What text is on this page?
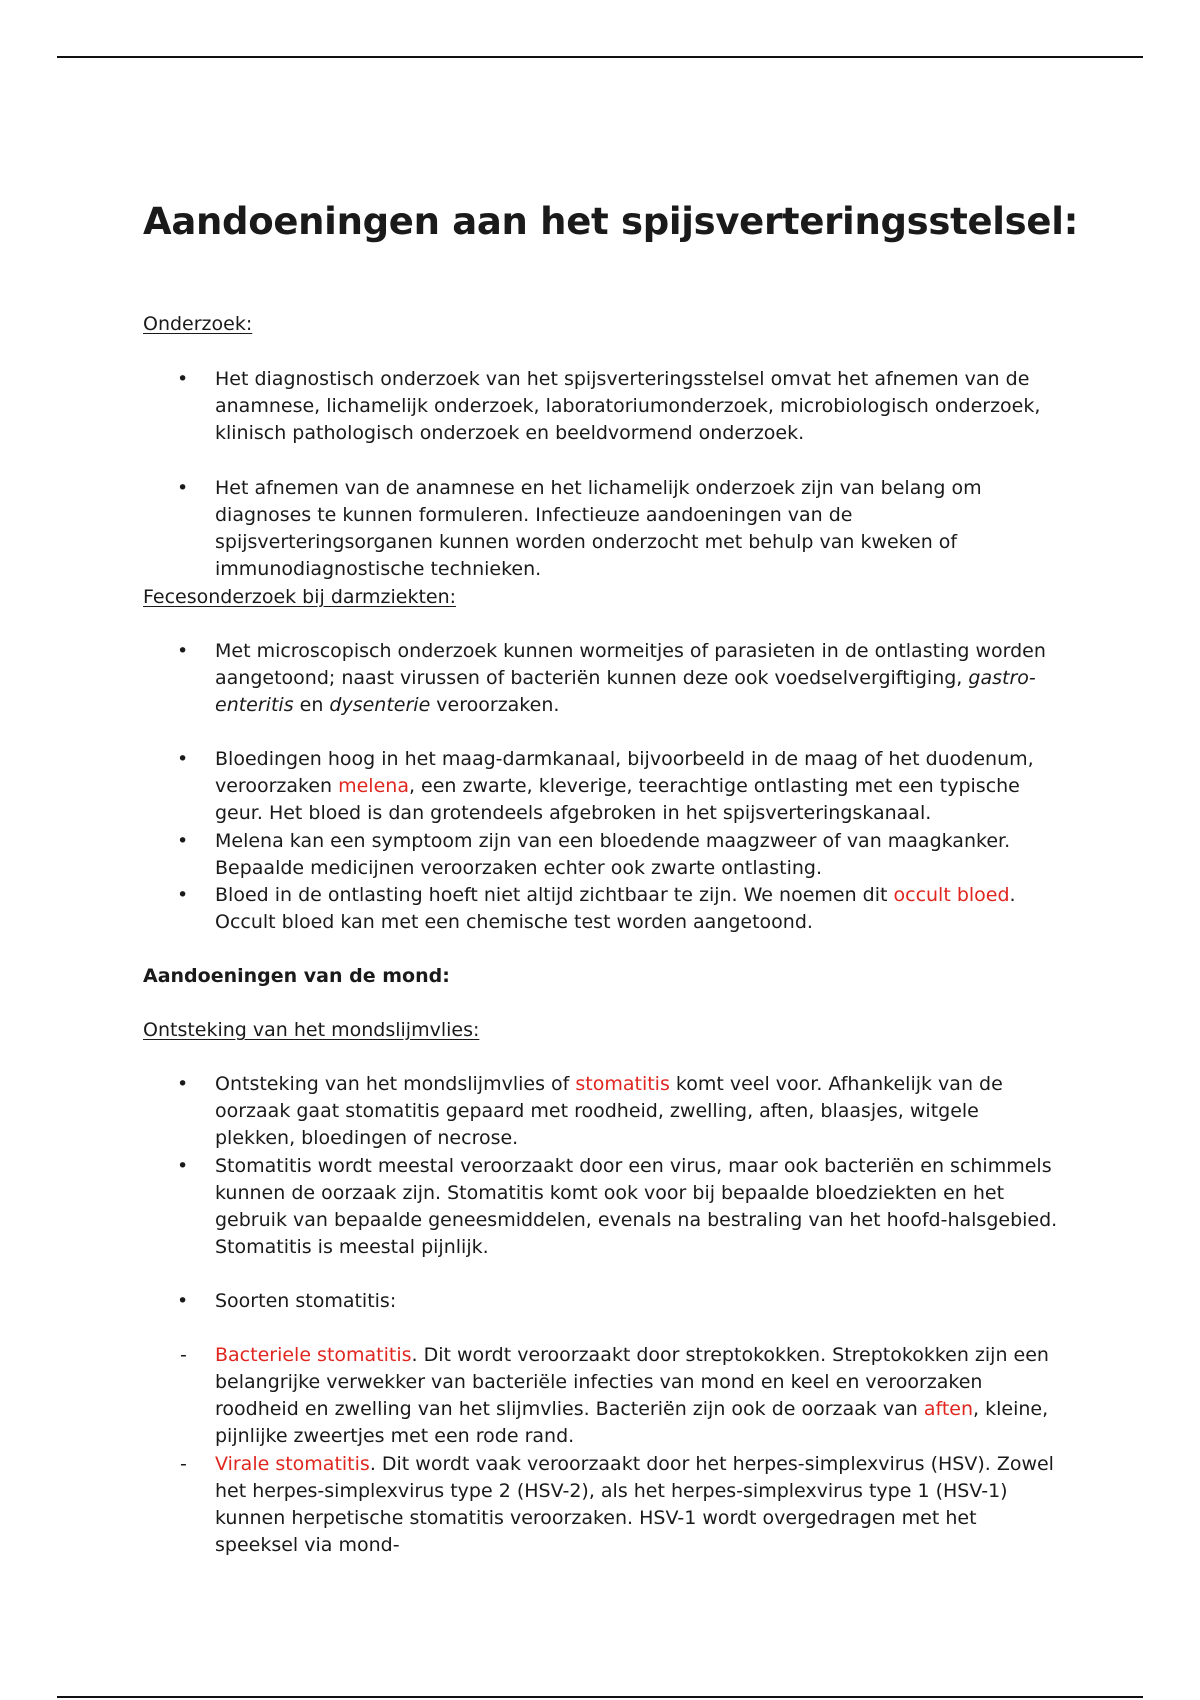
Aandoeningen aan het spijsverteringsstelsel:
Onderzoek:
•	Het diagnostisch onderzoek van het spijsverteringsstelsel omvat het afnemen van de anamnese, lichamelijk onderzoek, laboratoriumonderzoek, microbiologisch onderzoek, klinisch pathologisch onderzoek en beeldvormend onderzoek.
•	Het afnemen van de anamnese en het lichamelijk onderzoek zijn van belang om diagnoses te kunnen formuleren. Infectieuze aandoeningen van de spijsverteringsorganen kunnen worden onderzocht met behulp van kweken of immunodiagnostische technieken.
Fecesonderzoek bij darmziekten:
•	Met microscopisch onderzoek kunnen wormeitjes of parasieten in de ontlasting worden aangetoond; naast virussen of bacteriën kunnen deze ook voedselvergiftiging, gastro-enteritis en dysenterie veroorzaken.
•	Bloedingen hoog in het maag-darmkanaal, bijvoorbeeld in de maag of het duodenum, veroorzaken melena, een zwarte, kleverige, teerachtige ontlasting met een typische geur. Het bloed is dan grotendeels afgebroken in het spijsverteringskanaal.
•	Melena kan een symptoom zijn van een bloedende maagzweer of van maagkanker. Bepaalde medicijnen veroorzaken echter ook zwarte ontlasting.
•	Bloed in de ontlasting hoeft niet altijd zichtbaar te zijn. We noemen dit occult bloed. Occult bloed kan met een chemische test worden aangetoond.
Aandoeningen van de mond:
Ontsteking van het mondslijmvlies:
•	Ontsteking van het mondslijmvlies of stomatitis komt veel voor. Afhankelijk van de oorzaak gaat stomatitis gepaard met roodheid, zwelling, aften, blaasjes, witgele plekken, bloedingen of necrose.
•	Stomatitis wordt meestal veroorzaakt door een virus, maar ook bacteriën en schimmels kunnen de oorzaak zijn. Stomatitis komt ook voor bij bepaalde bloedziekten en het gebruik van bepaalde geneesmiddelen, evenals na bestraling van het hoofd-halsgebied. Stomatitis is meestal pijnlijk.
•	Soorten stomatitis:
-	Bacteriele stomatitis. Dit wordt veroorzaakt door streptokokken. Streptokokken zijn een belangrijke verwekker van bacteriële infecties van mond en keel en veroorzaken roodheid en zwelling van het slijmvlies. Bacteriën zijn ook de oorzaak van aften, kleine, pijnlijke zweertjes met een rode rand.
-	Virale stomatitis. Dit wordt vaak veroorzaakt door het herpes-simplexvirus (HSV). Zowel het herpes-simplexvirus type 2 (HSV-2), als het herpes-simplexvirus type 1 (HSV-1) kunnen herpetische stomatitis veroorzaken. HSV-1 wordt overgedragen met het speeksel via mond-
